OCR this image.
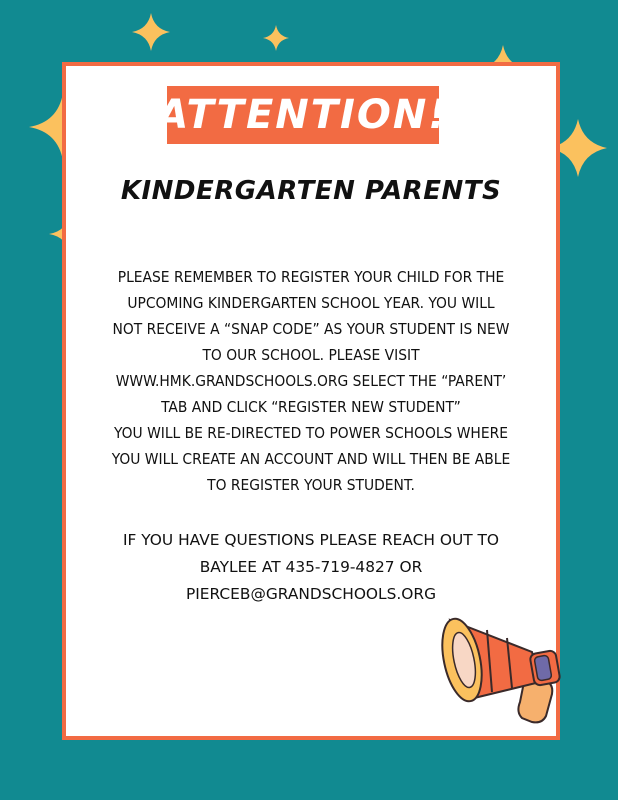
ATTENTION!
KINDERGARTEN PARENTS
PLEASE REMEMBER TO REGISTER YOUR CHILD FOR THE
UPCOMING KINDERGARTEN SCHOOL YEAR. YOU WILL
NOT RECEIVE A “SNAP CODE” AS YOUR STUDENT IS NEW
TO OUR SCHOOL. PLEASE VISIT
WWW.HMK.GRANDSCHOOLS.ORG SELECT THE “PARENT’
TAB AND CLICK “REGISTER NEW STUDENT”
YOU WILL BE RE-DIRECTED TO POWER SCHOOLS WHERE
YOU WILL CREATE AN ACCOUNT AND WILL THEN BE ABLE
TO REGISTER YOUR STUDENT.
IF YOU HAVE QUESTIONS PLEASE REACH OUT TO
BAYLEE AT 435-719-4827 OR
PIERCEB@GRANDSCHOOLS.ORG
